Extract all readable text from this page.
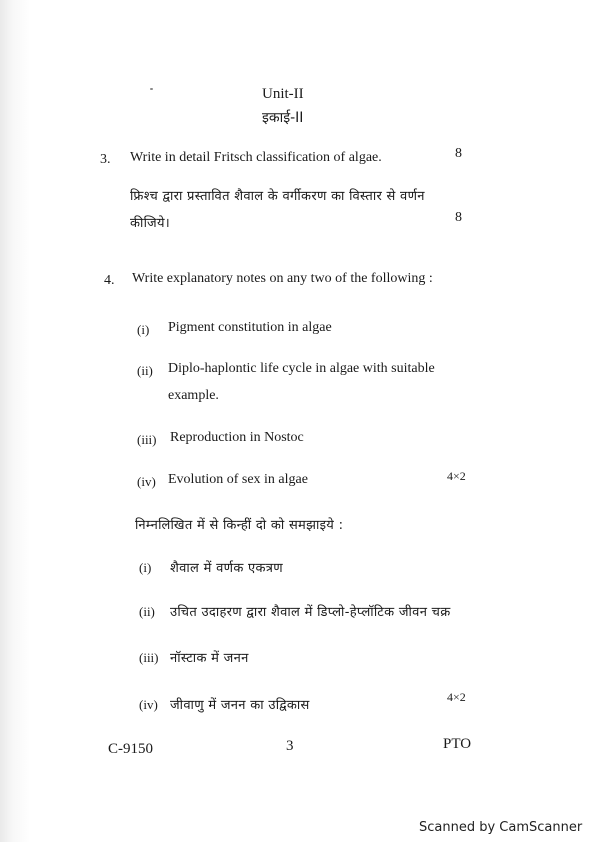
Unit-II
इकाई-II
3. Write in detail Fritsch classification of algae.	8
फ्रिश्च द्वारा प्रस्तावित शैवाल के वर्गीकरण का विस्तार से वर्णन
कीजिये।	8
4. Write explanatory notes on any two of the following :
(i) Pigment constitution in algae
(ii) Diplo-haplontic life cycle in algae with suitable
example.
(iii) Reproduction in Nostoc
(iv) Evolution of sex in algae	4×2
निम्नलिखित में से किन्हीं दो को समझाइये :
(i) शैवाल में वर्णक एकत्रण
(ii) उचित उदाहरण द्वारा शैवाल में डिप्लो-हेप्लॉटिक जीवन चक्र
(iii) नॉस्टाक में जनन
(iv) जीवाणु में जनन का उद्विकास
4×2
C-9150	3	PTO
Scanned by CamScanner
